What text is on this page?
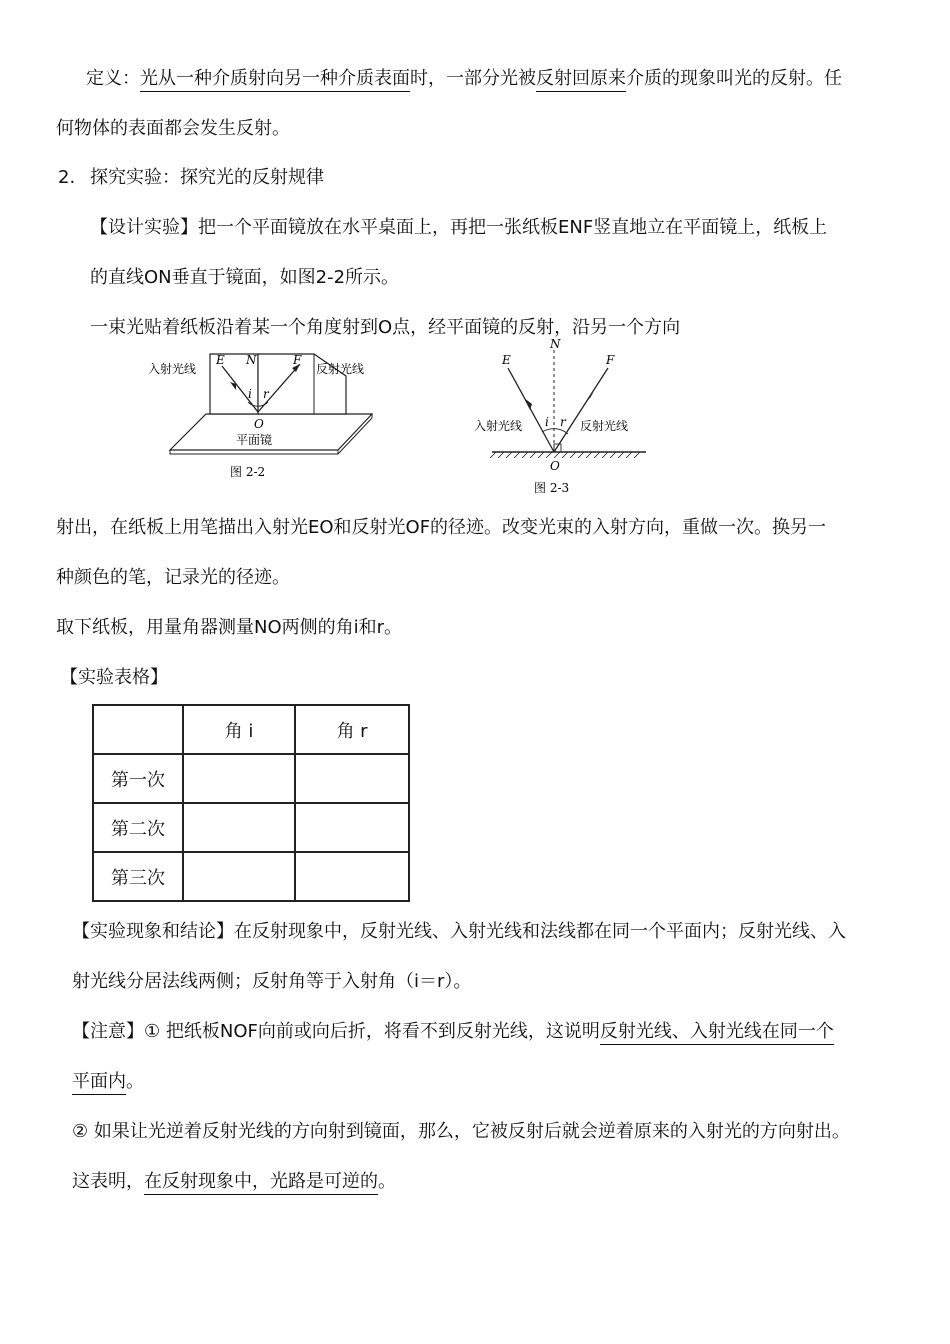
定义：光从一种介质射向另一种介质表面时，一部分光被反射回原来介质的现象叫光的反射。任
何物体的表面都会发生反射。
2. 探究实验：探究光的反射规律
【设计实验】把一个平面镜放在水平桌面上，再把一张纸板ENF竖直地立在平面镜上，纸板上
的直线ON垂直于镜面，如图2-2所示。
一束光贴着纸板沿着某一个角度射到O点，经平面镜的反射，沿另一个方向
E N	F
i r
O
入射光线	反射光线
平面镜
图 2-2
E
N
F
i r
O
入射光线	反射光线
图 2-3
射出，在纸板上用笔描出入射光EO和反射光OF的径迹。改变光束的入射方向，重做一次。换另一
种颜色的笔，记录光的径迹。
取下纸板，用量角器测量NO两侧的角i和r。
【实验表格】
	角 i	角 r
第一次		
第二次		
第三次		
【实验现象和结论】在反射现象中，反射光线、入射光线和法线都在同一个平面内；反射光线、入
射光线分居法线两侧；反射角等于入射角（i＝r）。
【注意】① 把纸板NOF向前或向后折，将看不到反射光线，这说明反射光线、入射光线在同一个
平面内。
② 如果让光逆着反射光线的方向射到镜面，那么，它被反射后就会逆着原来的入射光的方向射出。
这表明，在反射现象中，光路是可逆的。
